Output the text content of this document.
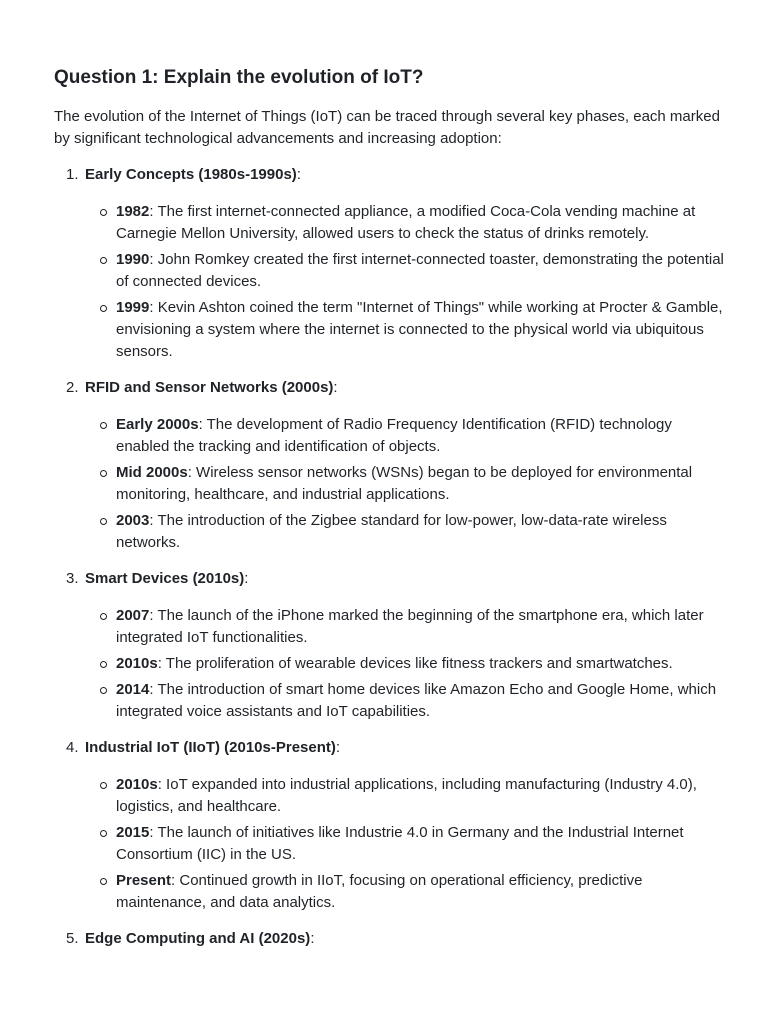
Question 1: Explain the evolution of IoT?

The evolution of the Internet of Things (IoT) can be traced through several key phases, each marked by significant technological advancements and increasing adoption:

1. Early Concepts (1980s-1990s):
1982: The first internet-connected appliance, a modified Coca-Cola vending machine at Carnegie Mellon University, allowed users to check the status of drinks remotely.
1990: John Romkey created the first internet-connected toaster, demonstrating the potential of connected devices.
1999: Kevin Ashton coined the term "Internet of Things" while working at Procter & Gamble, envisioning a system where the internet is connected to the physical world via ubiquitous sensors.
2. RFID and Sensor Networks (2000s):
Early 2000s: The development of Radio Frequency Identification (RFID) technology enabled the tracking and identification of objects.
Mid 2000s: Wireless sensor networks (WSNs) began to be deployed for environmental monitoring, healthcare, and industrial applications.
2003: The introduction of the Zigbee standard for low-power, low-data-rate wireless networks.
3. Smart Devices (2010s):
2007: The launch of the iPhone marked the beginning of the smartphone era, which later integrated IoT functionalities.
2010s: The proliferation of wearable devices like fitness trackers and smartwatches.
2014: The introduction of smart home devices like Amazon Echo and Google Home, which integrated voice assistants and IoT capabilities.
4. Industrial IoT (IIoT) (2010s-Present):
2010s: IoT expanded into industrial applications, including manufacturing (Industry 4.0), logistics, and healthcare.
2015: The launch of initiatives like Industrie 4.0 in Germany and the Industrial Internet Consortium (IIC) in the US.
Present: Continued growth in IIoT, focusing on operational efficiency, predictive maintenance, and data analytics.
5. Edge Computing and AI (2020s):
